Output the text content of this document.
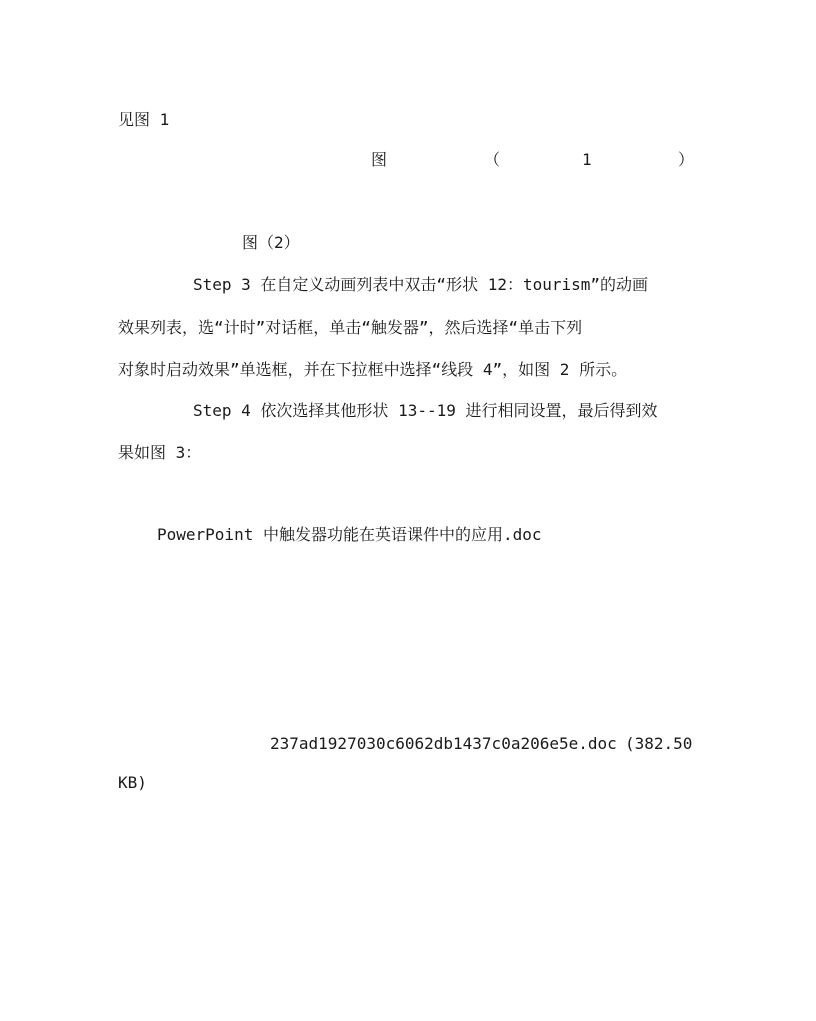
见图 1

图	（	1	）

图（2）

Step 3 在自定义动画列表中双击“形状 12：tourism”的动画

效果列表，选“计时”对话框，单击“触发器”，然后选择“单击下列

对象时启动效果”单选框，并在下拉框中选择“线段 4”，如图 2 所示。

Step 4 依次选择其他形状 13--19 进行相同设置，最后得到效

果如图 3：

PowerPoint 中触发器功能在英语课件中的应用.doc

237ad1927030c6062db1437c0a206e5e.doc (382.50

KB)
